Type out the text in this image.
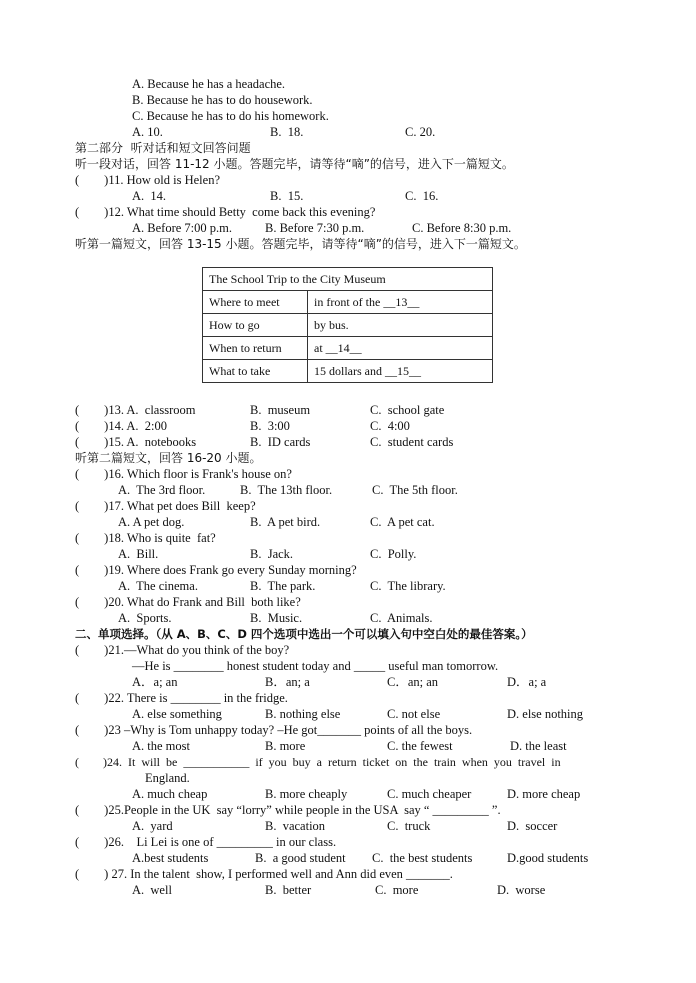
A. Because he has a headache.
B. Because he has to do housework.
C. Because he has to do his homework.
A. 10.	B.  18.	C. 20.
第二部分  听对话和短文回答问题
听一段对话，回答 11-12 小题。答题完毕，请等待“嘀”的信号，进入下一篇短文。
(        )11. How old is Helen?
A.  14.	B.  15.	C.  16.
(        )12. What time should Betty  come back this evening?
A. Before 7:00 p.m.	B. Before 7:30 p.m.	C. Before 8:30 p.m.
听第一篇短文，回答 13-15 小题。答题完毕，请等待“嘀”的信号，进入下一篇短文。
The School Trip to the City Museum	
Where to meet	in front of the __13__
How to go	by bus.
When to return	at __14__
What to take	15 dollars and __15__
(        )13. A.  classroom	B.  museum	C.  school gate
(        )14. A.  2:00	B.  3:00	C.  4:00
(        )15. A.  notebooks	B.  ID cards	C.  student cards
听第二篇短文，回答 16-20 小题。
(        )16. Which floor is Frank's house on?
A.  The 3rd floor.	B.  The 13th floor.	C.  The 5th floor.
(        )17. What pet does Bill  keep?
A. A pet dog.	B.  A pet bird.	C.  A pet cat.
(        )18. Who is quite  fat?
A.  Bill.	B.  Jack.	C.  Polly.
(        )19. Where does Frank go every Sunday morning?
A.  The cinema.	B.  The park.	C.  The library.
(        )20. What do Frank and Bill  both like?
A.  Sports.	B.  Music.	C.  Animals.
二、单项选择。（从 A、B、C、D 四个选项中选出一个可以填入句中空白处的最佳答案。）
(        )21.—What do you think of the boy?
—He is ________ honest student today and _____ useful man tomorrow.
A．a; an	B．an; a	C．an; an	D．a; a
(        )22. There is ________ in the fridge.
A. else something	B. nothing else	C. not else	D. else nothing
(        )23 –Why is Tom unhappy today? –He got_______ points of all the boys.
A. the most	B. more	C. the fewest	D. the least
(        )24.  It  will  be  ___________  if  you  buy  a  return  ticket  on  the  train  when  you  travel  in
England.
A. much cheap	B. more cheaply	C. much cheaper	D. more cheap
(        )25.People in the UK  say “lorry” while people in the USA  say “ _________ ”.
A.  yard	B.  vacation	C.  truck	D.  soccer
(        )26.    Li Lei is one of _________ in our class.
A.best students	B.  a good student C.  the best students	D.good students
(        ) 27. In the talent  show, I performed well and Ann did even _______.
A.  well	B.  better	C.  more	D.  worse
